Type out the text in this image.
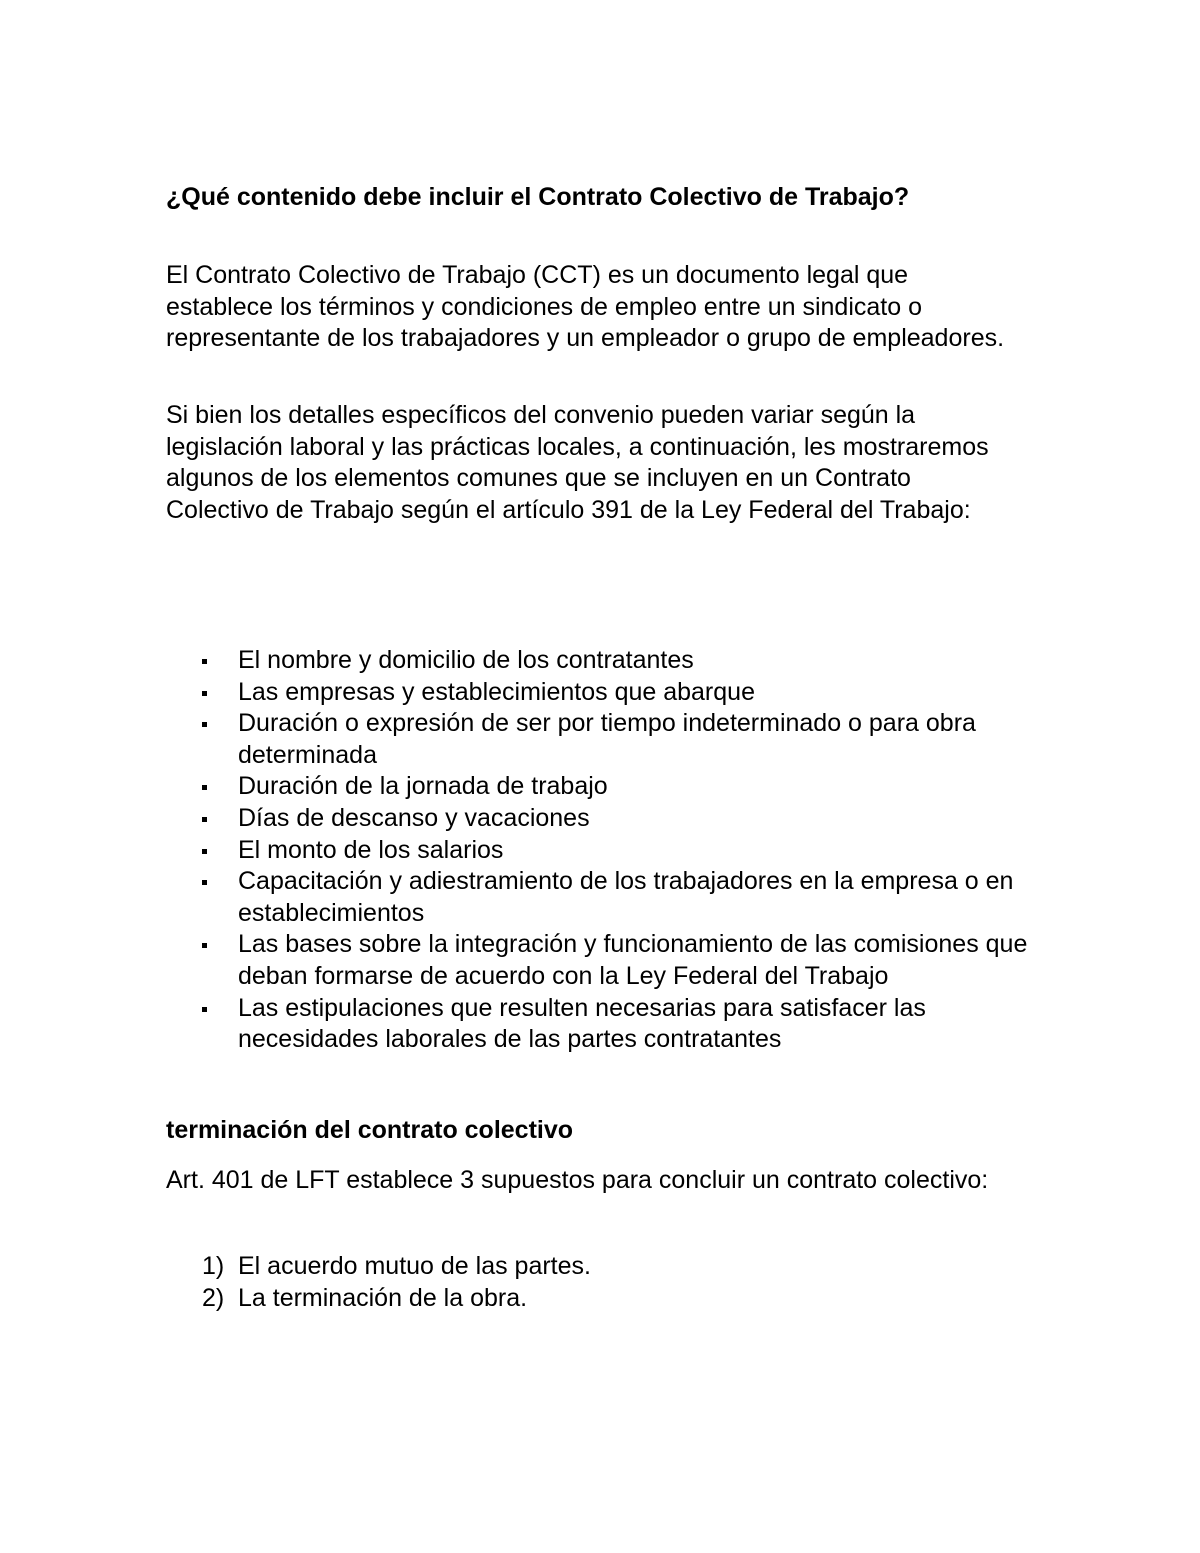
¿Qué contenido debe incluir el Contrato Colectivo de Trabajo?

El Contrato Colectivo de Trabajo (CCT) es un documento legal que establece los términos y condiciones de empleo entre un sindicato o representante de los trabajadores y un empleador o grupo de empleadores.

Si bien los detalles específicos del convenio pueden variar según la legislación laboral y las prácticas locales, a continuación, les mostraremos algunos de los elementos comunes que se incluyen en un Contrato Colectivo de Trabajo según el artículo 391 de la Ley Federal del Trabajo:

El nombre y domicilio de los contratantes
Las empresas y establecimientos que abarque
Duración o expresión de ser por tiempo indeterminado o para obra determinada
Duración de la jornada de trabajo
Días de descanso y vacaciones
El monto de los salarios
Capacitación y adiestramiento de los trabajadores en la empresa o en establecimientos
Las bases sobre la integración y funcionamiento de las comisiones que deban formarse de acuerdo con la Ley Federal del Trabajo
Las estipulaciones que resulten necesarias para satisfacer las necesidades laborales de las partes contratantes
terminación del contrato colectivo

Art. 401 de LFT establece 3 supuestos para concluir un contrato colectivo:

1) El acuerdo mutuo de las partes.
2) La terminación de la obra.
